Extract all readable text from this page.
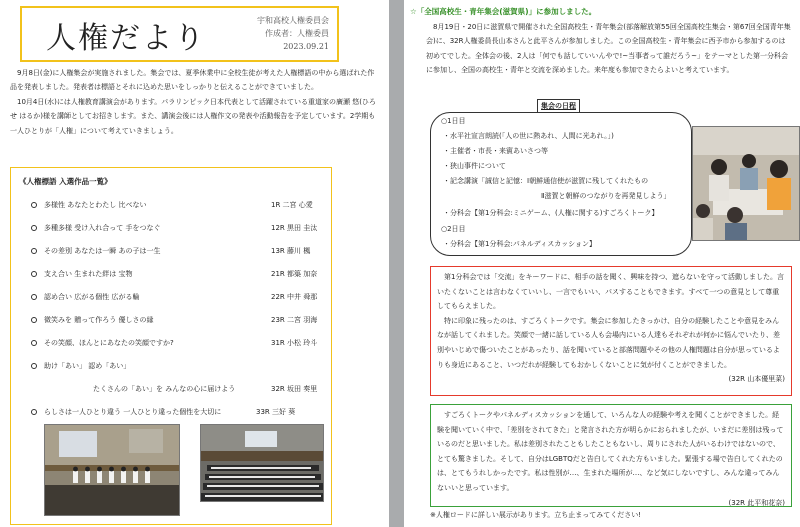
人権だより
宇和高校人権委員会
作成者：人権委員
2023.09.21

9月8日(金)に人権集会が実施されました。集会では、夏季休業中に全校生徒が考えた人権標語の中から選ばれた作品を発表しました。発表者は標語とそれに込めた思いをしっかりと伝えることができていました。

10月4日(水)には人権教育講演会があります。パラリンピック日本代表として活躍されている重道家の廣瀬 悠(ひろせ はるか)様を講師としてお招きします。また、講演会後には人権作文の発表や活動報告を予定しています。2学期も一人ひとりが「人権」について考えていきましょう。

《人権標語 入選作品一覧》
多様性 あなたとわたし 比べない	1R 二宮 心愛
多種多様 受け入れ合って 手をつなぐ	12R 黒田 圭汰
その差別 あなたは一瞬 あの子は一生	13R 藤川 楓
支え合い 生まれた絆は 宝物	21R 都築 加奈
認め合い 広がる個性 広がる輪	22R 中井 舜那
微笑みを 贈って作ろう 優しさの縁	23R 二宮 羽海
その笑顔、ほんとにあなたの笑顔ですか?	31R 小松 玲斗
助け「あい」 認め「あい」
たくさんの「あい」を みんなの心に届けよう	32R 坂田 奏里
らしさは一人ひとり違う 一人ひとり違った個性を大切に	33R 三好 葵
☆「全国高校生・青年集会(滋賀県)」に参加しました。

8月19日・20日に滋賀県で開催された全国高校生・青年集会(部落解放第55回全国高校生集会・第67回全国青年集会)に、32R人権委員長山本さんと此平さんが参加しました。この全国高校生・青年集会に西予市から参加するのは初めてでした。全体会の後、2人は「何でも話していいんやで!~当事者って誰だろう~」をテーマとした第一分科会に参加し、全国の高校生・青年と交流を深めました。来年度も参加できたらよいと考えています。

○1日目
・水平社宣言朗読(「人の世に熱あれ、人間に光あれ。」)
・主催者・市長・来賓あいさつ等
・狭山事件について
・記念講演「誠信と記憶：Ⅰ朝鮮通信使が滋賀に残してくれたもの
Ⅱ滋賀と朝鮮のつながりを再発見しよう」
・分科会【第1分科会:ミニゲーム、(人権に関する)すごろくトーク】
○2日目
・分科会【第1分科会:パネルディスカッション】
集会の日程

第1分科会では「交流」をキーワードに、相手の話を聞く、興味を持つ、遮らないを守って活動しました。言いたくないことは言わなくていいし、一言でもいい、パスすることもできます。すべて一つの意見として尊重してもらえました。

特に印象に残ったのは、すごろくトークです。集会に参加したきっかけ、自分の経験したことや意見をみんなが話してくれました。笑顔で一緒に話している人も会場内にいる人達もそれぞれが何かに悩んでいたり、差別やいじめで傷ついたことがあったり、話を聞いていると部落問題やその他の人権問題は自分が思っているよりも身近にあること、いつだれが経験してもおかしくないことに気が付くことができました。

(32R 山本優里菜)

すごろくトークやパネルディスカッションを通して、いろんな人の経験や考えを聞くことができました。経験を聞いていく中で、「差別をされてきた」と発言された方が明らかにおられましたが、いまだに差別は残っているのだと思いました。私は差別されたこともしたこともないし、周りにされた人がいるわけではないので、とても驚きました。そして、自分はLGBTQだと告白してくれた方もいました。緊張する場で告白してくれたのは、とてもうれしかったです。私は性別が…、生まれた場所が…、など気にしないですし、みんな違ってみんないいと思っています。

(32R 此平和花奈)
※人権ロードに詳しい展示があります。立ち止まってみてください!
